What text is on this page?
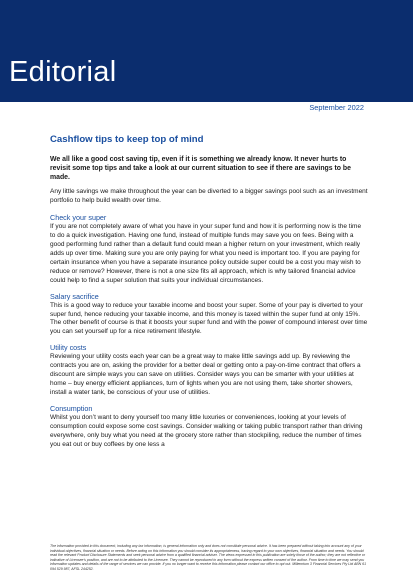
Editorial
September 2022
Cashflow tips to keep top of mind

We all like a good cost saving tip, even if it is something we already know. It never hurts to revisit some top tips and take a look at our current situation to see if there are savings to be made.

Any little savings we make throughout the year can be diverted to a bigger savings pool such as an investment portfolio to help build wealth over time.

Check your super

If you are not completely aware of what you have in your super fund and how it is performing now is the time to do a quick investigation. Having one fund, instead of multiple funds may save you on fees. Being with a good performing fund rather than a default fund could mean a higher return on your investment, which really adds up over time. Making sure you are only paying for what you need is important too. If you are paying for certain insurance when you have a separate insurance policy outside super could be a cost you may wish to reduce or remove? However, there is not a one size fits all approach, which is why tailored financial advice could help to find a super solution that suits your individual circumstances.

Salary sacrifice

This is a good way to reduce your taxable income and boost your super. Some of your pay is diverted to your super fund, hence reducing your taxable income, and this money is taxed within the super fund at only 15%. The other benefit of course is that it boosts your super fund and with the power of compound interest over time you can set yourself up for a nice retirement lifestyle.

Utility costs

Reviewing your utility costs each year can be a great way to make little savings add up. By reviewing the contracts you are on, asking the provider for a better deal or getting onto a pay-on-time contract that offers a discount are simple ways you can save on utilities. Consider ways you can be smarter with your utilities at home – buy energy efficient appliances, turn of lights when you are not using them, take shorter showers, install a water tank, be conscious of your use of utilities.

Consumption

Whilst you don’t want to deny yourself too many little luxuries or conveniences, looking at your levels of consumption could expose some cost savings. Consider walking or taking public transport rather than driving everywhere, only buy what you need at the grocery store rather than stockpiling, reduce the number of times you eat out or buy coffees by one less a

The information provided in this document, including any tax information, is general information only and does not constitute personal advice. It has been prepared without taking into account any of your individual objectives, financial situation or needs. Before acting on this information you should consider its appropriateness, having regard to your own objectives, financial situation and needs. You should read the relevant Product Disclosure Statements and seek personal advice from a qualified financial adviser. The views expressed in this publication are solely those of the author; they are not reflective or indicative of Licensee’s position, and are not to be attributed to the Licensee. They cannot be reproduced in any form without the express written consent of the author. From time to time we may send you information updates and details of the range of services we can provide. If you no longer want to receive this information please contact our office to opt out. Millennium 3 Financial Services Pty Ltd ABN 61 094 529 987, AFSL 244252.
